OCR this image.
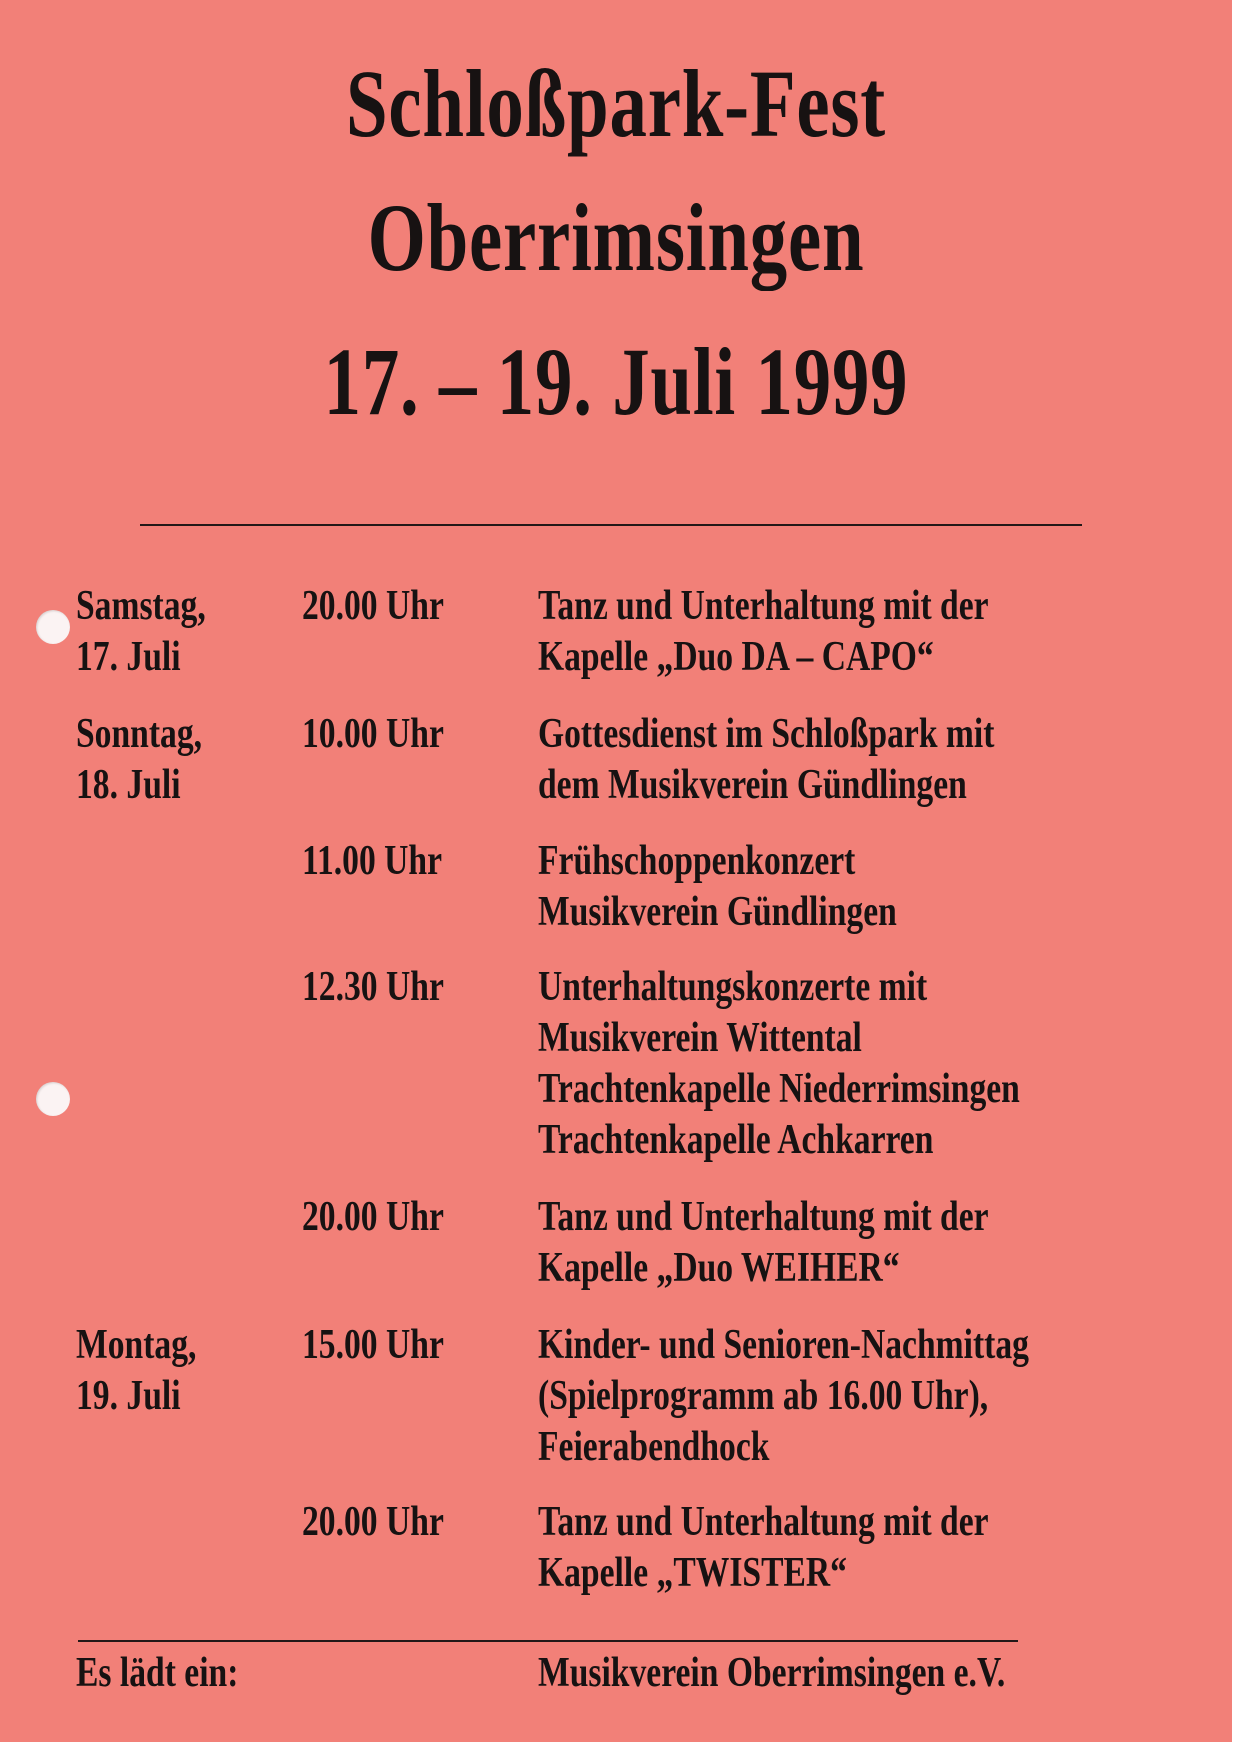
Schloßpark-Fest
Oberrimsingen
17. – 19. Juli 1999
Samstag,
17. Juli
20.00 Uhr Tanz und Unterhaltung mit der
Kapelle „Duo DA – CAPO“
Sonntag,
18. Juli
10.00 Uhr Gottesdienst im Schloßpark mit
dem Musikverein Gündlingen
11.00 Uhr Frühschoppenkonzert
Musikverein Gündlingen
12.30 Uhr Unterhaltungskonzerte mit
Musikverein Wittental
Trachtenkapelle Niederrimsingen
Trachtenkapelle Achkarren
20.00 Uhr Tanz und Unterhaltung mit der
Kapelle „Duo WEIHER“
Montag,
19. Juli
15.00 Uhr Kinder- und Senioren-Nachmittag
(Spielprogramm ab 16.00 Uhr),
Feierabendhock
20.00 Uhr Tanz und Unterhaltung mit der
Kapelle „TWISTER“
Es lädt ein:	Musikverein Oberrimsingen e.V.
